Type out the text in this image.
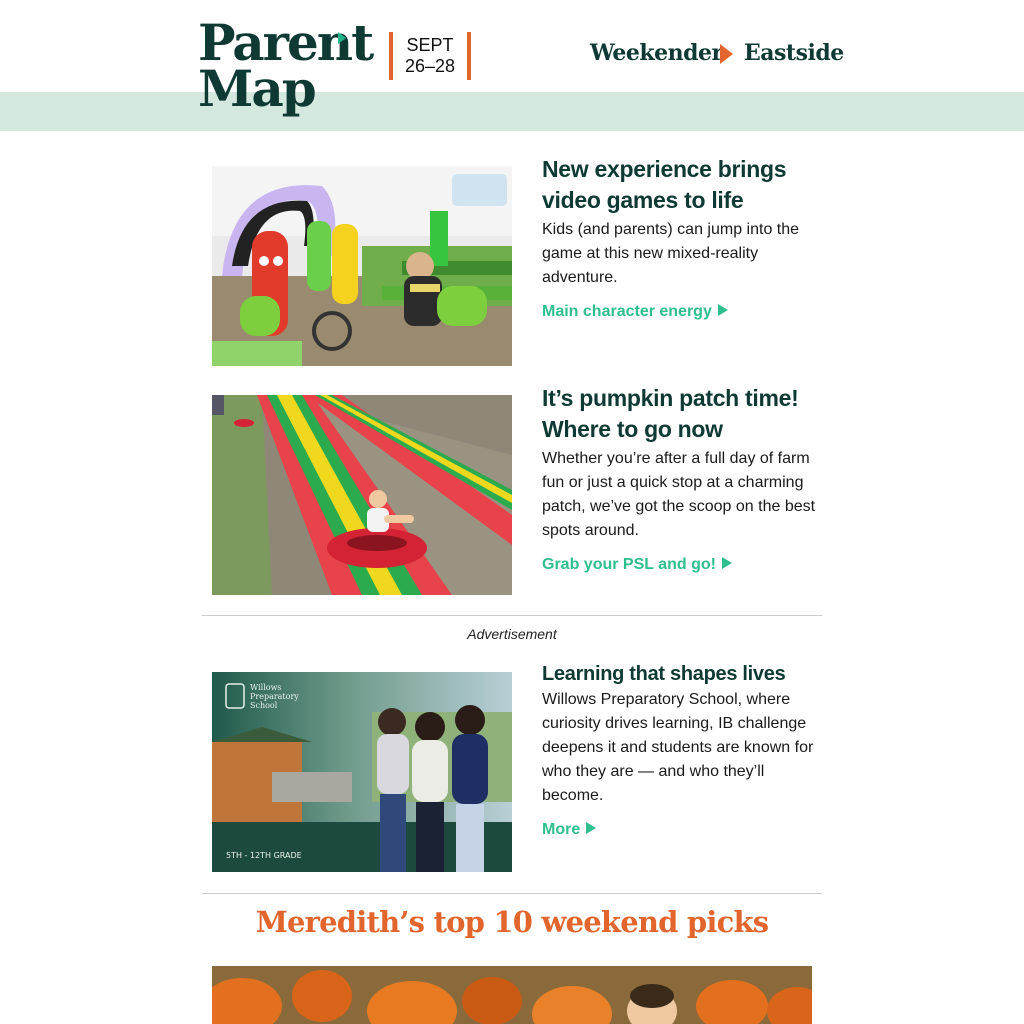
Parent
Map
SEPT
26–28	Weekender Eastside
New experience brings video games to life

Kids (and parents) can jump into the game at this new mixed-reality adventure.

Main character energy
It’s pumpkin patch time! Where to go now

Whether you’re after a full day of farm fun or just a quick stop at a charming patch, we’ve got the scoop on the best spots around.

Grab your PSL and go!
Advertisement
Willows
Preparatory
School
5TH - 12TH GRADE
Learning that shapes lives

Willows Preparatory School, where curiosity drives learning, IB challenge deepens it and students are known for who they are — and who they’ll become.

More
Meredith’s top 10 weekend picks
